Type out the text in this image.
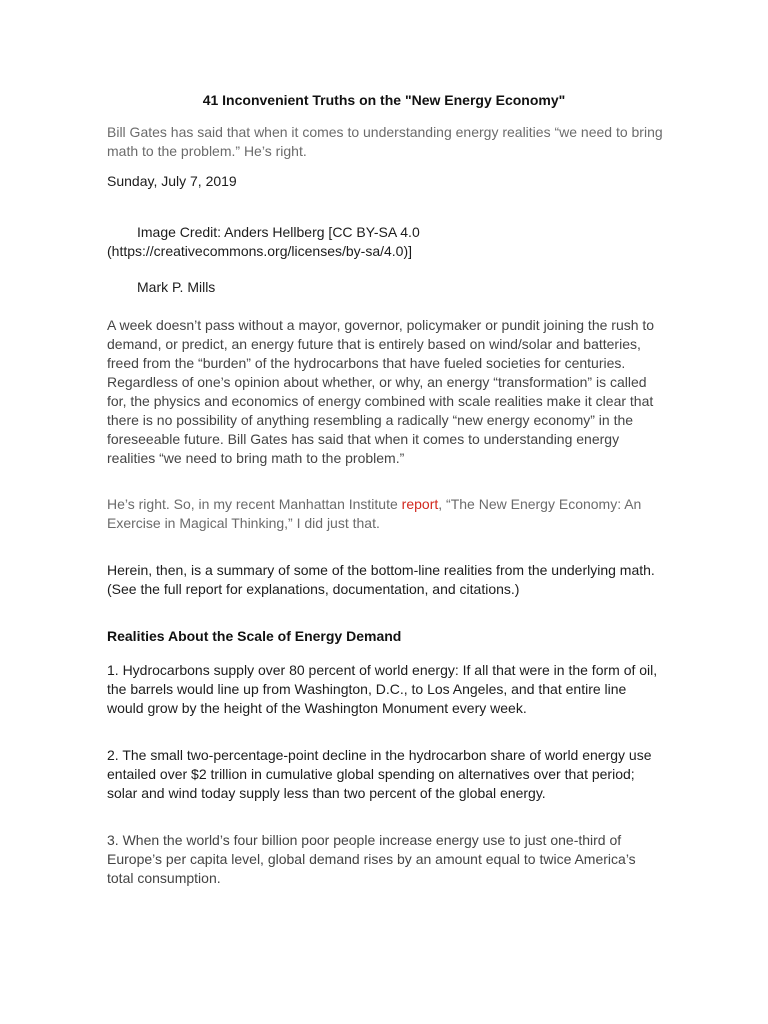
41 Inconvenient Truths on the "New Energy Economy"

Bill Gates has said that when it comes to understanding energy realities “we need to bring math to the problem.” He’s right.

Sunday, July 7, 2019

Image Credit: Anders Hellberg [CC BY-SA 4.0 (https://creativecommons.org/licenses/by-sa/4.0)]

Mark P. Mills

A week doesn’t pass without a mayor, governor, policymaker or pundit joining the rush to demand, or predict, an energy future that is entirely based on wind/solar and batteries, freed from the “burden” of the hydrocarbons that have fueled societies for centuries. Regardless of one’s opinion about whether, or why, an energy “transformation” is called for, the physics and economics of energy combined with scale realities make it clear that there is no possibility of anything resembling a radically “new energy economy” in the foreseeable future. Bill Gates has said that when it comes to understanding energy realities “we need to bring math to the problem.”

He’s right. So, in my recent Manhattan Institute report, “The New Energy Economy: An Exercise in Magical Thinking,” I did just that.

Herein, then, is a summary of some of the bottom-line realities from the underlying math. (See the full report for explanations, documentation, and citations.)

Realities About the Scale of Energy Demand

1. Hydrocarbons supply over 80 percent of world energy: If all that were in the form of oil, the barrels would line up from Washington, D.C., to Los Angeles, and that entire line would grow by the height of the Washington Monument every week.

2. The small two-percentage-point decline in the hydrocarbon share of world energy use entailed over $2 trillion in cumulative global spending on alternatives over that period; solar and wind today supply less than two percent of the global energy.

3. When the world’s four billion poor people increase energy use to just one-third of Europe’s per capita level, global demand rises by an amount equal to twice America’s total consumption.
